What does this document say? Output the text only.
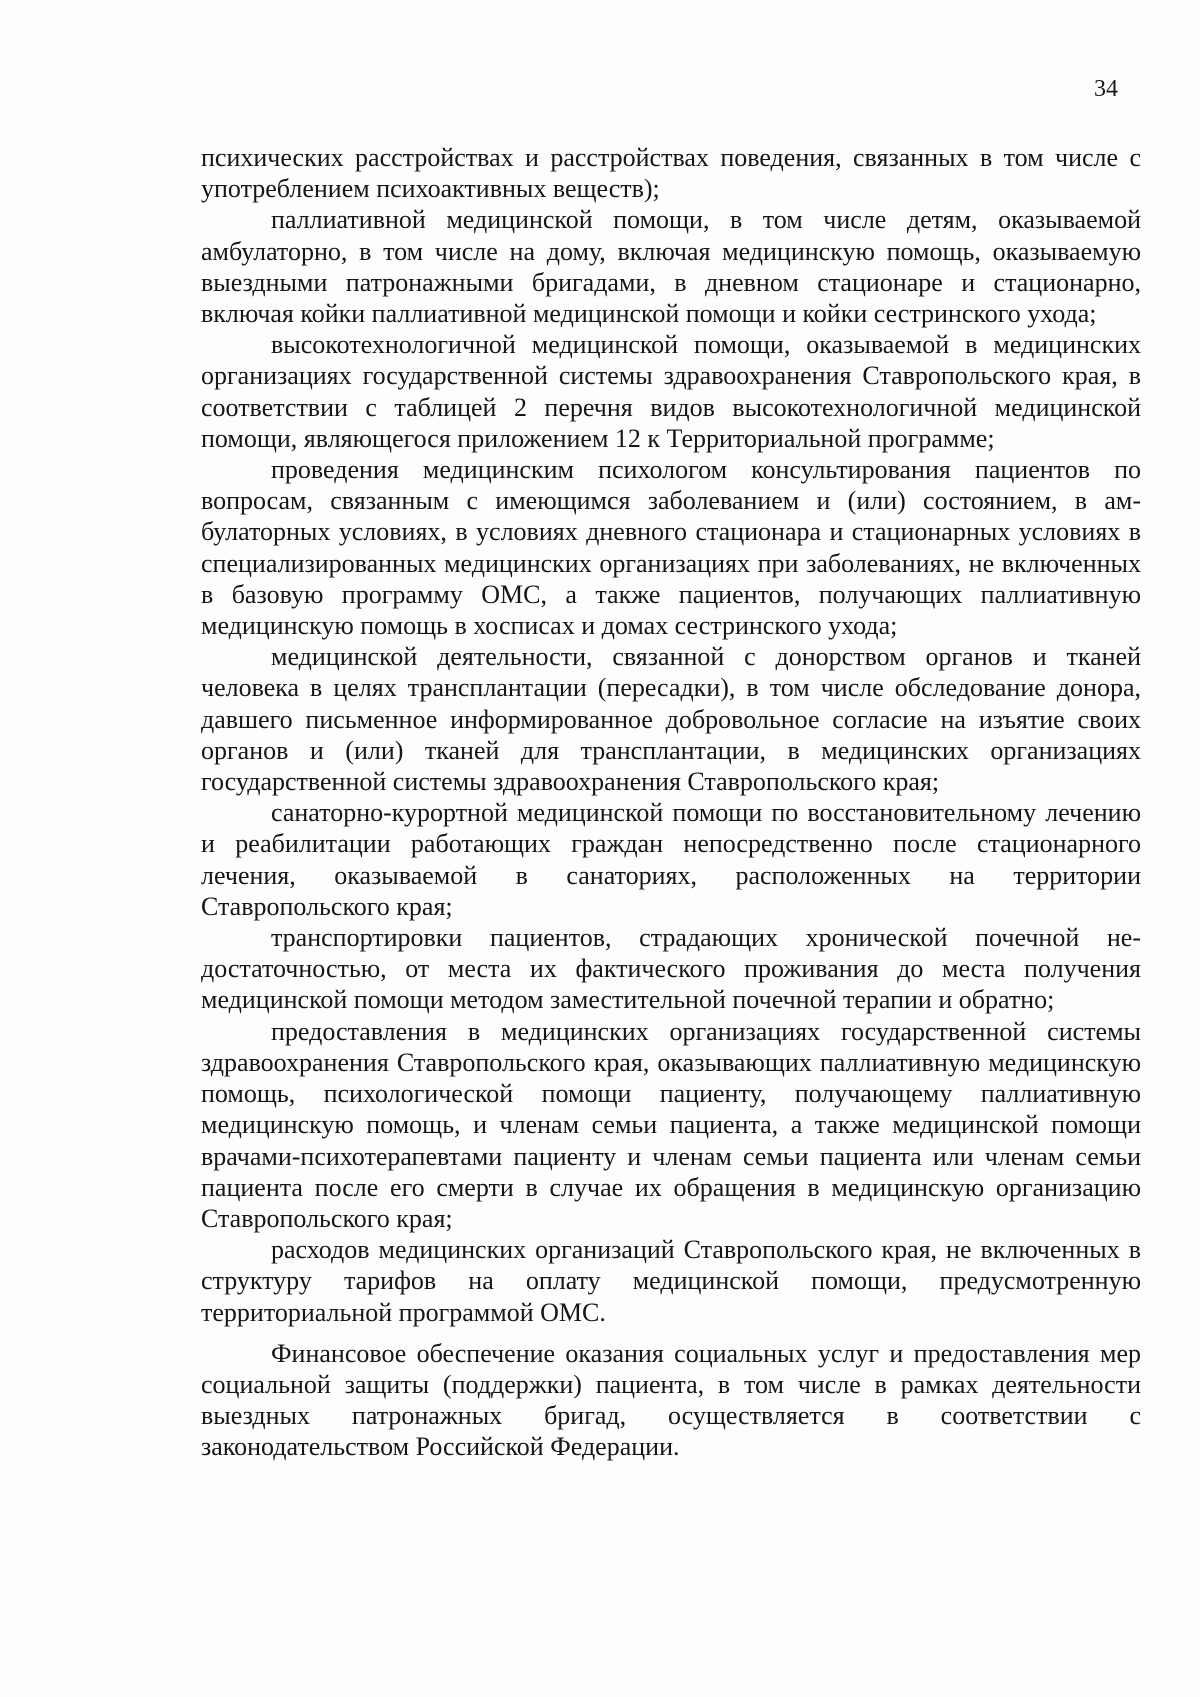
34

психических расстройствах и расстройствах поведения, связанных в том числе с употреблением психоактивных веществ);

паллиативной медицинской помощи, в том числе детям, оказываемой амбулаторно, в том числе на дому, включая медицинскую помощь, оказываемую выездными патронажными бригадами, в дневном стационаре и стационарно, включая койки паллиативной медицинской помощи и койки сестринского ухода;

высокотехнологичной медицинской помощи, оказываемой в медицинских организациях государственной системы здравоохранения Ставропольского края, в соответствии с таблицей 2 перечня видов высокотехнологичной медицинской помощи, являющегося приложением 12 к Территориальной программе;

проведения медицинским психологом консультирования пациентов по вопросам, связанным с имеющимся заболеванием и (или) состоянием, в амбулаторных условиях, в условиях дневного стационара и стационарных условиях в специализированных медицинских организациях при заболеваниях, не включенных в базовую программу ОМС, а также пациентов, получающих паллиативную медицинскую помощь в хосписах и домах сестринского ухода;

медицинской деятельности, связанной с донорством органов и тканей человека в целях трансплантации (пересадки), в том числе обследование донора, давшего письменное информированное добровольное согласие на изъятие своих органов и (или) тканей для трансплантации, в медицинских организациях государственной системы здравоохранения Ставропольского края;

санаторно-курортной медицинской помощи по восстановительному лечению и реабилитации работающих граждан непосредственно после стационарного лечения, оказываемой в санаториях, расположенных на территории Ставропольского края;

транспортировки пациентов, страдающих хронической почечной недостаточностью, от места их фактического проживания до места получения медицинской помощи методом заместительной почечной терапии и обратно;

предоставления в медицинских организациях государственной системы здравоохранения Ставропольского края, оказывающих паллиативную медицинскую помощь, психологической помощи пациенту, получающему паллиативную медицинскую помощь, и членам семьи пациента, а также медицинской помощи врачами-психотерапевтами пациенту и членам семьи пациента или членам семьи пациента после его смерти в случае их обращения в медицинскую организацию Ставропольского края;

расходов медицинских организаций Ставропольского края, не включенных в структуру тарифов на оплату медицинской помощи, предусмотренную территориальной программой ОМС.

Финансовое обеспечение оказания социальных услуг и предоставления мер социальной защиты (поддержки) пациента, в том числе в рамках деятельности выездных патронажных бригад, осуществляется в соответствии с законодательством Российской Федерации.
